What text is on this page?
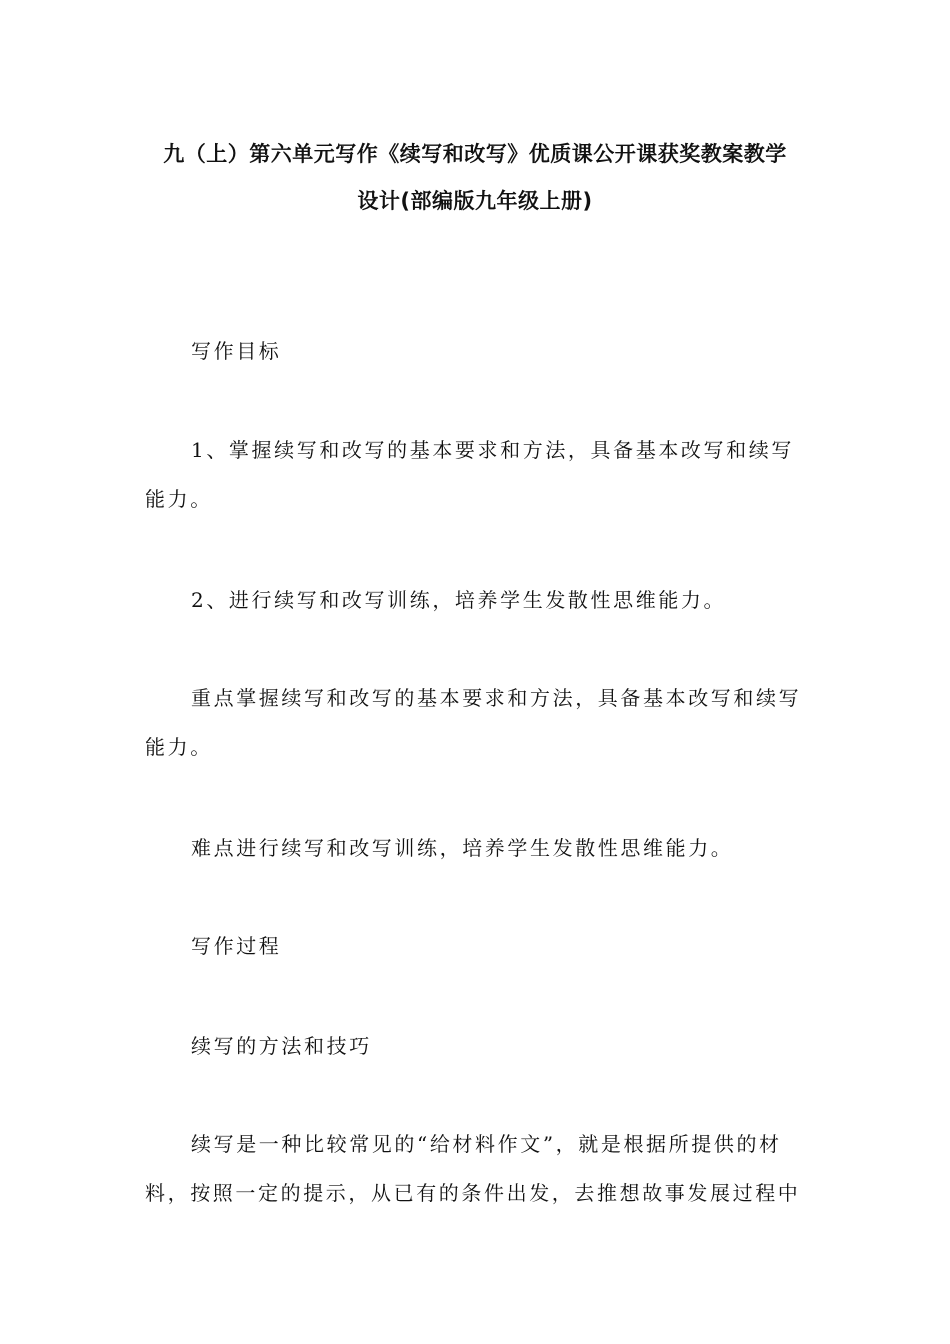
九（上）第六单元写作《续写和改写》优质课公开课获奖教案教学
设计(部编版九年级上册)

写作目标

1、掌握续写和改写的基本要求和方法，具备基本改写和续写能力。

2、进行续写和改写训练，培养学生发散性思维能力。

重点掌握续写和改写的基本要求和方法，具备基本改写和续写能力。

难点进行续写和改写训练，培养学生发散性思维能力。

写作过程

续写的方法和技巧

续写是一种比较常见的“给材料作文”，就是根据所提供的材料，按照一定的提示，从已有的条件出发，去推想故事发展过程中
